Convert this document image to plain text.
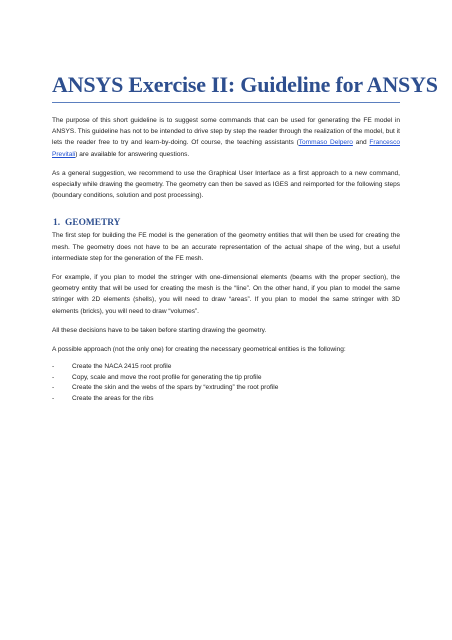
ANSYS Exercise II: Guideline for ANSYS

The purpose of this short guideline is to suggest some commands that can be used for generating the FE model in ANSYS. This guideline has not to be intended to drive step by step the reader through the realization of the model, but it lets the reader free to try and learn-by-doing. Of course, the teaching assistants (Tommaso Delpero and Francesco Previtali) are available for answering questions.

As a general suggestion, we recommend to use the Graphical User Interface as a first approach to a new command, especially while drawing the geometry. The geometry can then be saved as IGES and reimported for the following steps (boundary conditions, solution and post processing).

1. GEOMETRY

The first step for building the FE model is the generation of the geometry entities that will then be used for creating the mesh. The geometry does not have to be an accurate representation of the actual shape of the wing, but a useful intermediate step for the generation of the FE mesh.

For example, if you plan to model the stringer with one-dimensional elements (beams with the proper section), the geometry entity that will be used for creating the mesh is the “line”. On the other hand, if you plan to model the same stringer with 2D elements (shells), you will need to draw “areas”. If you plan to model the same stringer with 3D elements (bricks), you will need to draw “volumes”.

All these decisions have to be taken before starting drawing the geometry.

A possible approach (not the only one) for creating the necessary geometrical entities is the following:

-	Create the NACA 2415 root profile
-	Copy, scale and move the root profile for generating the tip profile
-	Create the skin and the webs of the spars by “extruding” the root profile
-	Create the areas for the ribs
